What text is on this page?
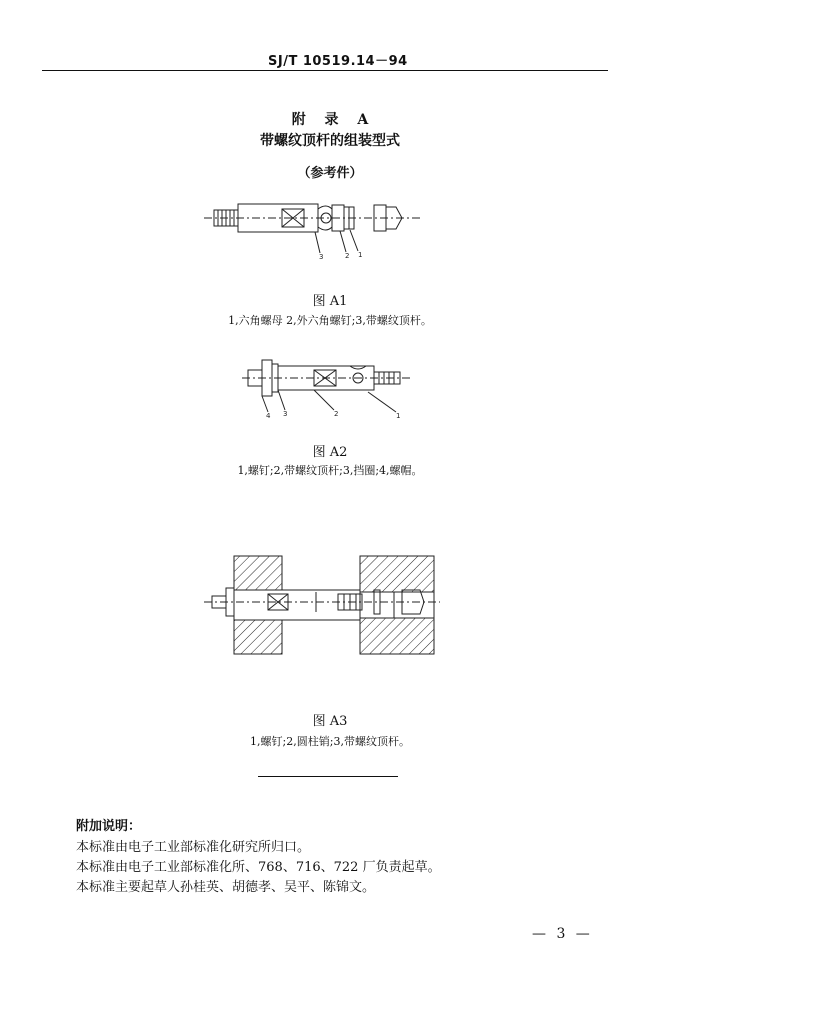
SJ/T 10519.14－94
附 录 A
带螺纹顶杆的组装型式
（参考件）
3	2 1
图 A1
1,六角螺母 2,外六角螺钉;3,带螺纹顶杆。
4 3	2	1
图 A2
1,螺钉;2,带螺纹顶杆;3,挡圈;4,螺帽。
图 A3
1,螺钉;2,圆柱销;3,带螺纹顶杆。
附加说明：
本标准由电子工业部标准化研究所归口。
本标准由电子工业部标准化所、768、716、722 厂负责起草。
本标准主要起草人孙桂英、胡德孝、吴平、陈锦文。
— 3 —
